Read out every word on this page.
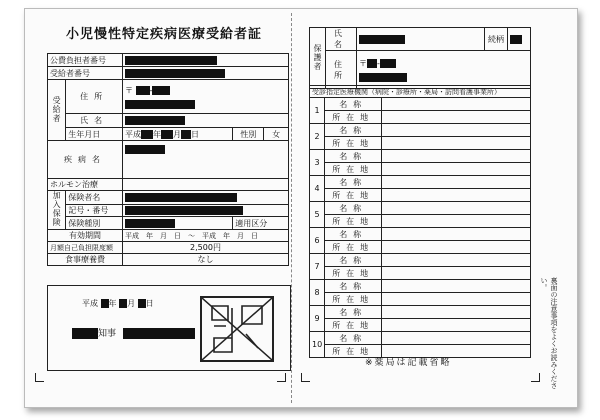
小児慢性特定疾病医療受給者証
公費負担者番号				
受給者番号				
受給者	住所	〒 -		

	氏名			
	生年月日	平成 年 月 日	性別	女
疾病名				
ホルモン治療				
加入保険	保険者名			
	記号・番号			
	保険種別		適用区分	
有効期間		平成　年　月　日　〜　平成　年　月　日		
月額自己負担限度額		2,500円		
食事療養費		なし		
平成 年 月 日
知事
保護者	氏名		続柄	
	住所	〒 -		
受診指定医療機関（病院・診療所・薬局・訪問看護事業所）		
1	名称	
	所在地	
2	名称	
	所在地	
3	名称	
	所在地	
4	名称	
	所在地	
5	名称	
	所在地	
6	名称	
	所在地	
7	名称	
	所在地	
8	名称	
	所在地	
9	名称	
	所在地	
10	名称	
	所在地	
※薬局は記載省略	裏面の注意事項をよくお読みください。
